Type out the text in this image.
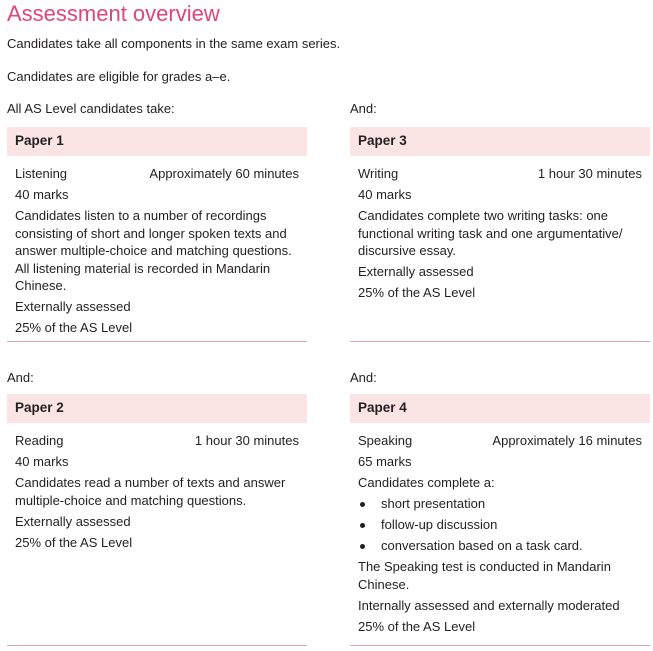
Assessment overview
Candidates take all components in the same exam series.
Candidates are eligible for grades a–e.
All AS Level candidates take:	And:
And:	And:
Paper 1
Listening	Approximately 60 minutes
40 marks
Candidates listen to a number of recordings consisting of short and longer spoken texts and answer multiple-choice and matching questions. All listening material is recorded in Mandarin Chinese.
Externally assessed
25% of the AS Level
Paper 3
Writing	1 hour 30 minutes
40 marks
Candidates complete two writing tasks: one functional writing task and one argumentative/ discursive essay.
Externally assessed
25% of the AS Level
Paper 2
Reading	1 hour 30 minutes
40 marks
Candidates read a number of texts and answer multiple-choice and matching questions.
Externally assessed
25% of the AS Level
Paper 4
Speaking	Approximately 16 minutes
65 marks
Candidates complete a:
short presentation
follow-up discussion
conversation based on a task card.
The Speaking test is conducted in Mandarin Chinese.
Internally assessed and externally moderated
25% of the AS Level
